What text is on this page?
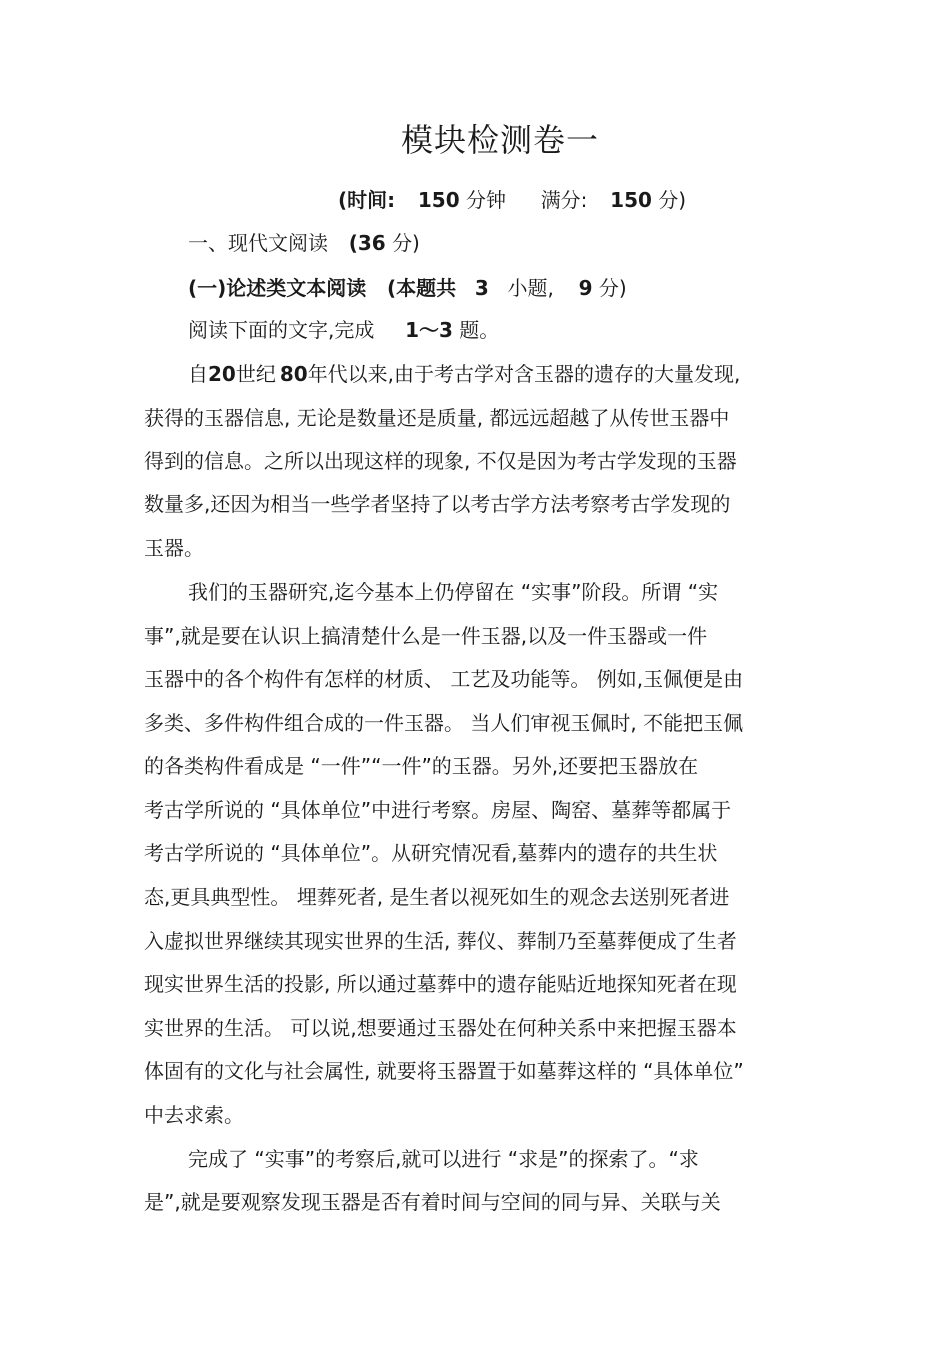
模块检测卷一
(时间: 150 分钟 满分: 150 分)
一、现代文阅读 (36 分)
(一)论述类文本阅读 (本题共 3 小题, 9 分)
阅读下面的文字,完成 1～3 题。
自20世纪 80年代以来,由于考古学对含玉器的遗存的大量发现,
获得的玉器信息, 无论是数量还是质量, 都远远超越了从传世玉器中
得到的信息。之所以出现这样的现象, 不仅是因为考古学发现的玉器
数量多,还因为相当一些学者坚持了以考古学方法考察考古学发现的
玉器。
我们的玉器研究,迄今基本上仍停留在 “实事”阶段。所谓 “实
事”,就是要在认识上搞清楚什么是一件玉器,以及一件玉器或一件
玉器中的各个构件有怎样的材质、 工艺及功能等。 例如,玉佩便是由
多类、多件构件组合成的一件玉器。 当人们审视玉佩时, 不能把玉佩
的各类构件看成是 “一件”“一件”的玉器。另外,还要把玉器放在
考古学所说的 “具体单位”中进行考察。房屋、陶窑、墓葬等都属于
考古学所说的 “具体单位”。从研究情况看,墓葬内的遗存的共生状
态,更具典型性。 埋葬死者, 是生者以视死如生的观念去送别死者进
入虚拟世界继续其现实世界的生活, 葬仪、葬制乃至墓葬便成了生者
现实世界生活的投影, 所以通过墓葬中的遗存能贴近地探知死者在现
实世界的生活。 可以说,想要通过玉器处在何种关系中来把握玉器本
体固有的文化与社会属性, 就要将玉器置于如墓葬这样的 “具体单位”
中去求索。
完成了 “实事”的考察后,就可以进行 “求是”的探索了。“求
是”,就是要观察发现玉器是否有着时间与空间的同与异、关联与关
